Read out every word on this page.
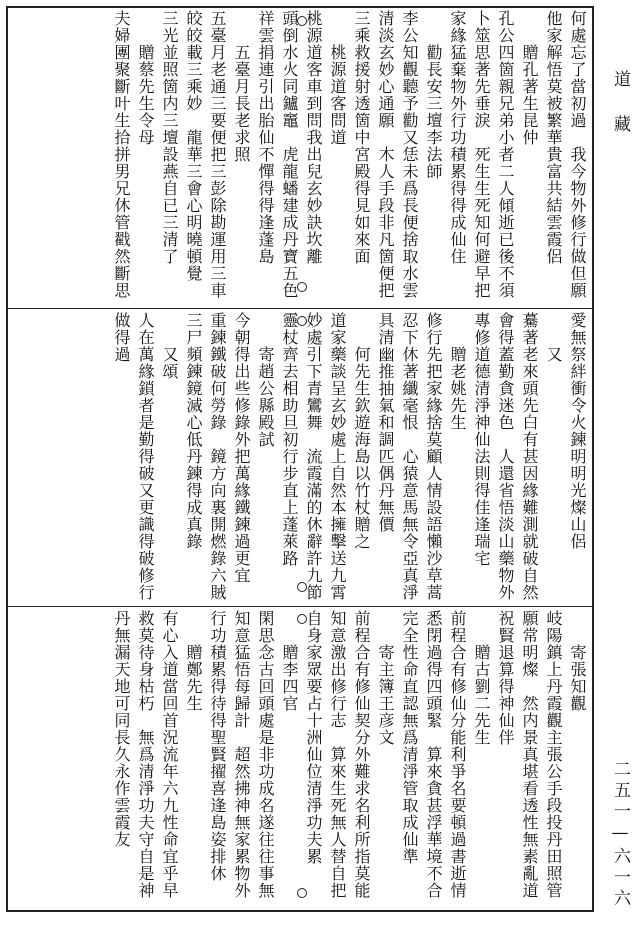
何處忘了當初過　我今物外修行做但願
他家解悟莫被繁華貴富共結雲霞侶
　　贈孔著生昆仲
孔公四箇親兄弟小者二人傾逝已後不須
卜筮思著先垂淚　死生生死知何避早把
家緣猛棄物外行功積累得得成仙住
　　勸長安三壇李法師
李公知觀聽予勸又恁未爲長便捨取水雲
清淡玄妙心通願　木人手段非凡箇便把
三乘救援射透箇中宮殿得見如來面
　　桃源道客問道
桃源道客車到問我出兒玄妙訣坎離
頭倒水火同鑪竈　虎龍蟠建成丹寶五色
祥雲捐連引出胎仙不憚得得逢蓬島
　　五臺月長老求照
五臺月老通三要便把三彭除勘運用三車
皎皎載三乘妙　龍華三會心明曉頓覺
三光並照箇内三壇設燕自已三清了
　　贈蔡先生令母
夫婦團聚斷叶生拾拼男兄休管戳然斷思
愛無祭絆衝令火鍊明明光燦山侶
　　又
驀著老來頭先白有甚因緣難測就破自然
會得蓋勤貪迷色　人還省悟淡山藥物外
專修道德清淨神仙法則得佳逢瑞宅
　　贈老姚先生
修行先把家緣捨莫顧人情設語懶沙草蒿
忍下休著纖毫恨　心猿意馬無令亞真淨
具清幽推抽氣和調匹偶丹無價
　　何先生欽遊海島以竹杖贈之
道家藥談呈玄妙處上自然本擁擊送九霄
妙處引下青鸞舞　流霞滿的休辭許九節
靈杖齊去相助旦初行步直上蓬萊路
　　寄趙公縣殿試
今朝得出些修錄外把萬緣鐵鍊過更宜
重鍊鐵破何勞錄　鏡方向裏開燃錄六賊
三尸頻鍊鏡滅心低丹鍊得成真錄
　　又頌
人在萬緣鎖者是勤得破又更識得破修行
做得過
　　寄張知觀
岐陽鎮上丹霞觀主張公手段投丹田照管
願常明燦　然内景真堪看透性無素亂道
祝賢退算得神仙伴
　　贈古劉二先生
前程合有修仙分能利爭名要頓過書逝情
悉閉過得四頭緊　算來貪甚浮華境不合
完全性命直認無爲清淨管取成仙準
　　寄主簿王彦文
前程合有修仙契分外難求名利所指莫能
知意激出修行志　算來生死無人替自把
自身家眾要占十洲仙位清淨功夫累
　　贈李四官
閑思念古回頭處是非功成名遂往往事無
知意猛悟每歸計　超然拂神無家累物外
行功積累得待得聖賢擢喜逢島姿排休
　　贈鄭先生
有心入道當回首況流年六九性命宜乎早
救莫待身枯朽　無爲清淨功夫守自是神
丹無漏天地可同長久永作雲霞友
道 藏
二五一—六一六
